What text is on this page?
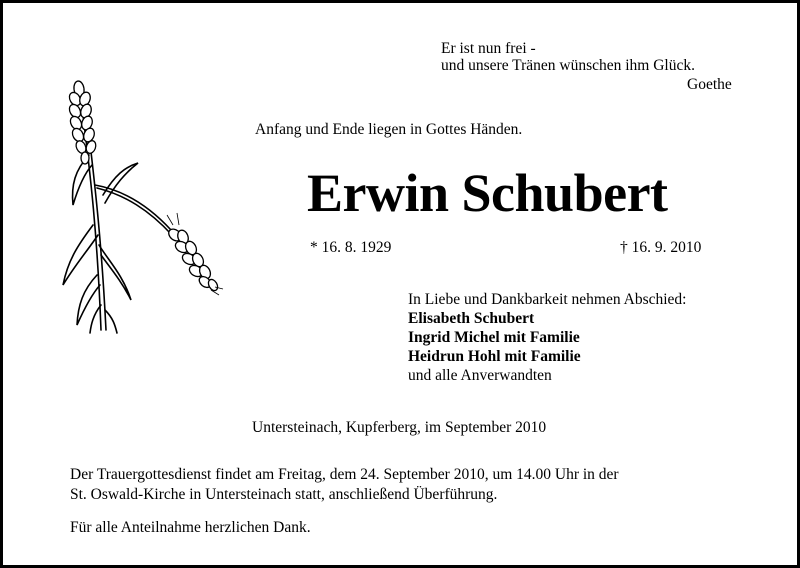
Er ist nun frei -
und unsere Tränen wünschen ihm Glück.
Goethe
Anfang und Ende liegen in Gottes Händen.
Erwin Schubert
* 16. 8. 1929	† 16. 9. 2010
In Liebe und Dankbarkeit nehmen Abschied:
Elisabeth Schubert
Ingrid Michel mit Familie
Heidrun Hohl mit Familie
und alle Anverwandten
Untersteinach, Kupferberg, im September 2010
Der Trauergottesdienst findet am Freitag, dem 24. September 2010, um 14.00 Uhr in der
St. Oswald-Kirche in Untersteinach statt, anschließend Überführung.
Für alle Anteilnahme herzlichen Dank.
